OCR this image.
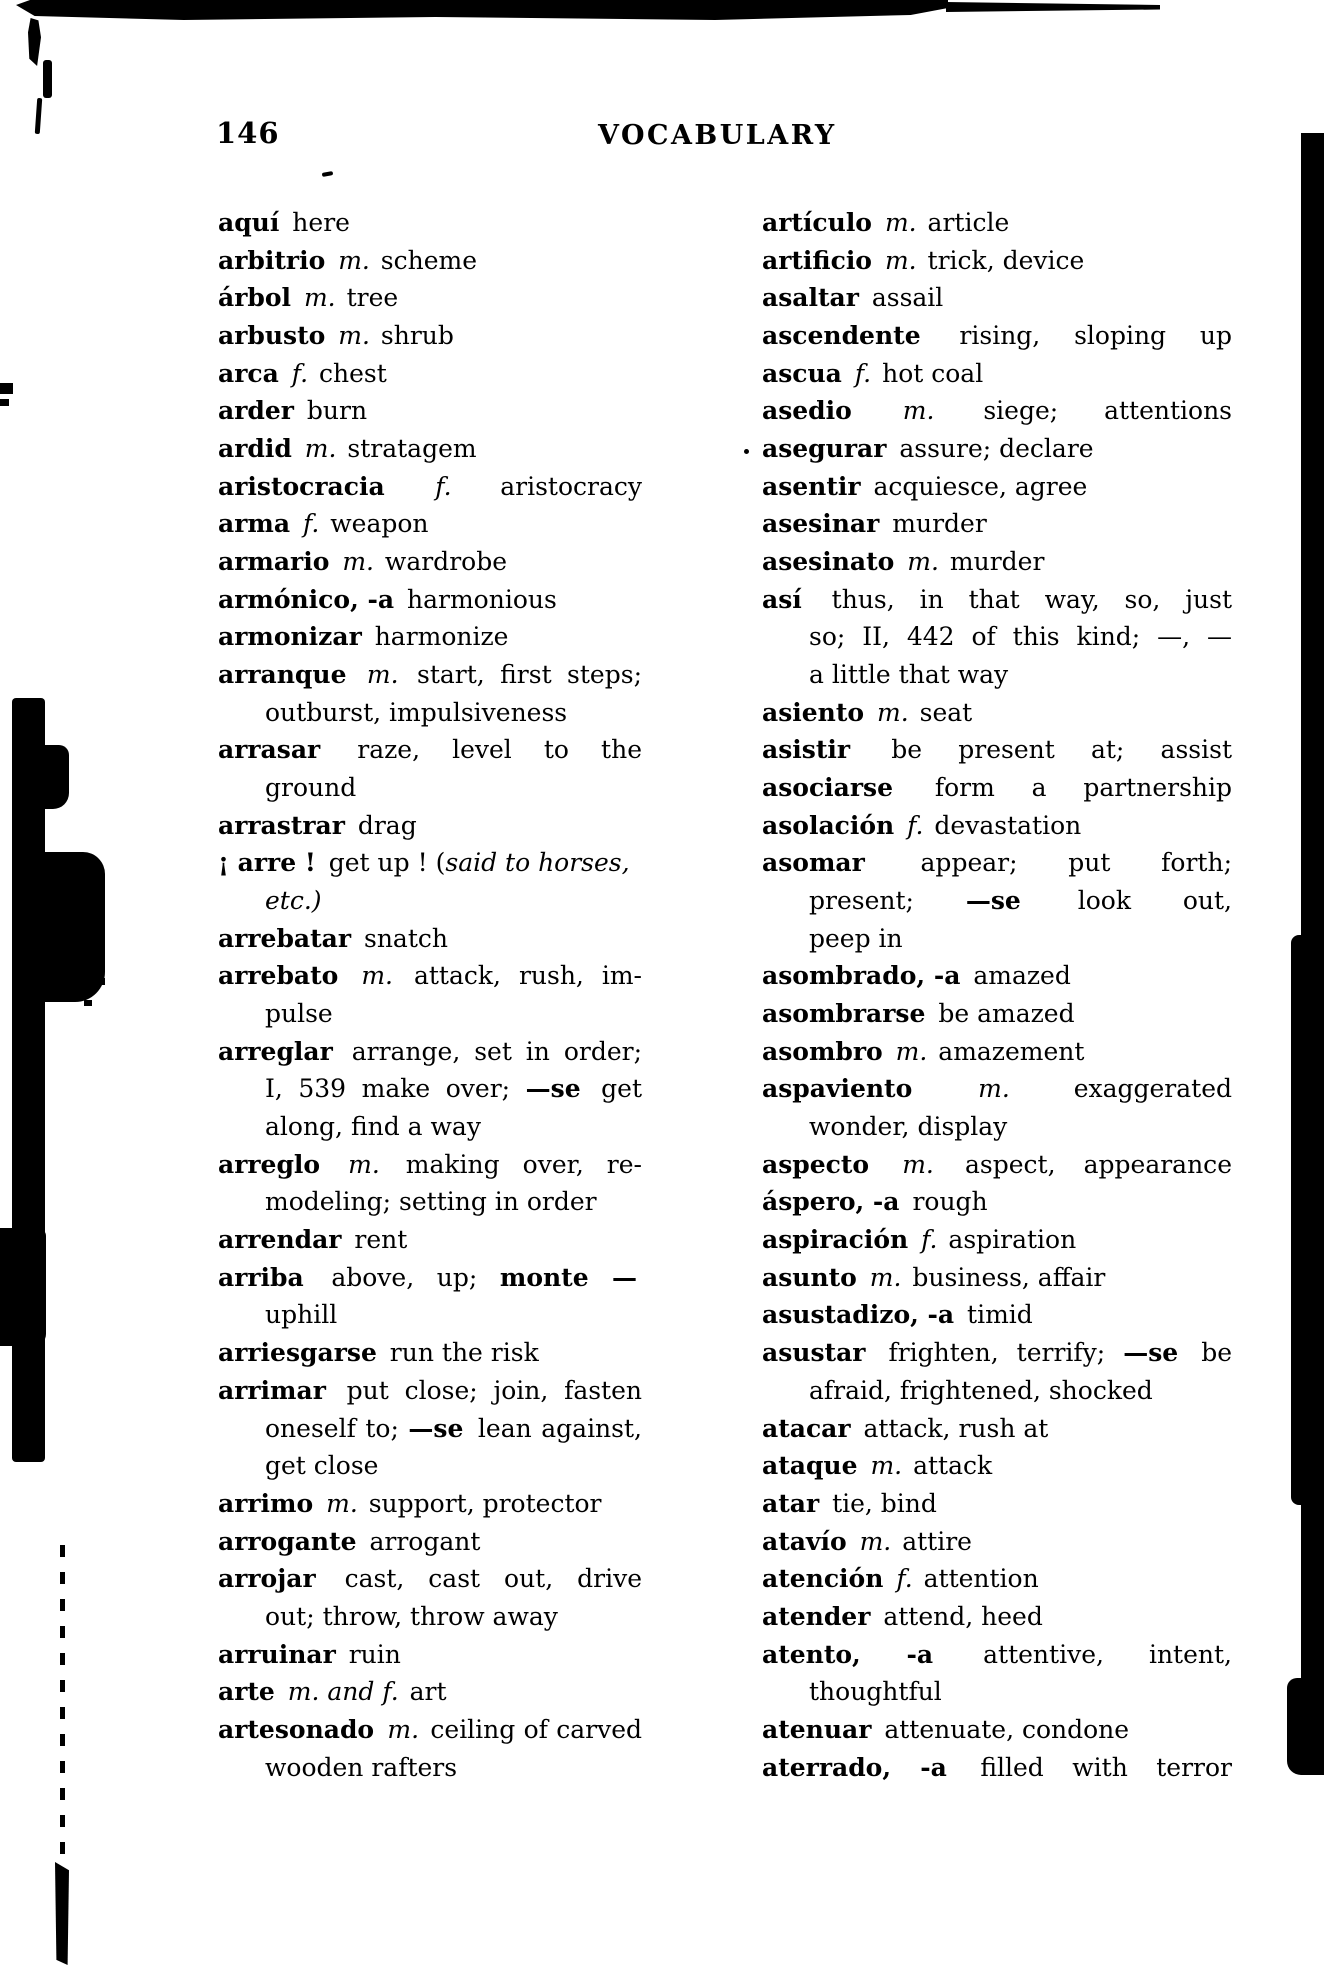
146	VOCABULARY
aquí here
arbitrio m. scheme
árbol m. tree
arbusto m. shrub
arca f. chest
arder burn
ardid m. stratagem
aristocracia f. aristocracy
arma f. weapon
armario m. wardrobe
armónico, -a harmonious
armonizar harmonize
arranque m. start, first steps;
outburst, impulsiveness
arrasar raze, level to the
ground
arrastrar drag
¡ arre ! get up ! (said to horses,
etc.)
arrebatar snatch
arrebato m. attack, rush, im-
pulse
arreglar arrange, set in order;
I, 539 make over; —se get
along, find a way
arreglo m. making over, re-
modeling; setting in order
arrendar rent
arriba above, up; monte —
uphill
arriesgarse run the risk
arrimar put close; join, fasten
oneself to; —se lean against,
get close
arrimo m. support, protector
arrogante arrogant
arrojar cast, cast out, drive
out; throw, throw away
arruinar ruin
arte m. and f. art
artesonado m. ceiling of carved
wooden rafters
artículo m. article
artificio m. trick, device
asaltar assail
ascendente rising, sloping up
ascua f. hot coal
asedio m. siege; attentions
asegurar assure; declare
asentir acquiesce, agree
asesinar murder
asesinato m. murder
así thus, in that way, so, just
so; II, 442 of this kind; —, —
a little that way
asiento m. seat
asistir be present at; assist
asociarse form a partnership
asolación f. devastation
asomar appear; put forth;
present; —se look out,
peep in
asombrado, -a amazed
asombrarse be amazed
asombro m. amazement
aspaviento m. exaggerated
wonder, display
aspecto m. aspect, appearance
áspero, -a rough
aspiración f. aspiration
asunto m. business, affair
asustadizo, -a timid
asustar frighten, terrify; —se be
afraid, frightened, shocked
atacar attack, rush at
ataque m. attack
atar tie, bind
atavío m. attire
atención f. attention
atender attend, heed
atento, -a attentive, intent,
thoughtful
atenuar attenuate, condone
aterrado, -a filled with terror
